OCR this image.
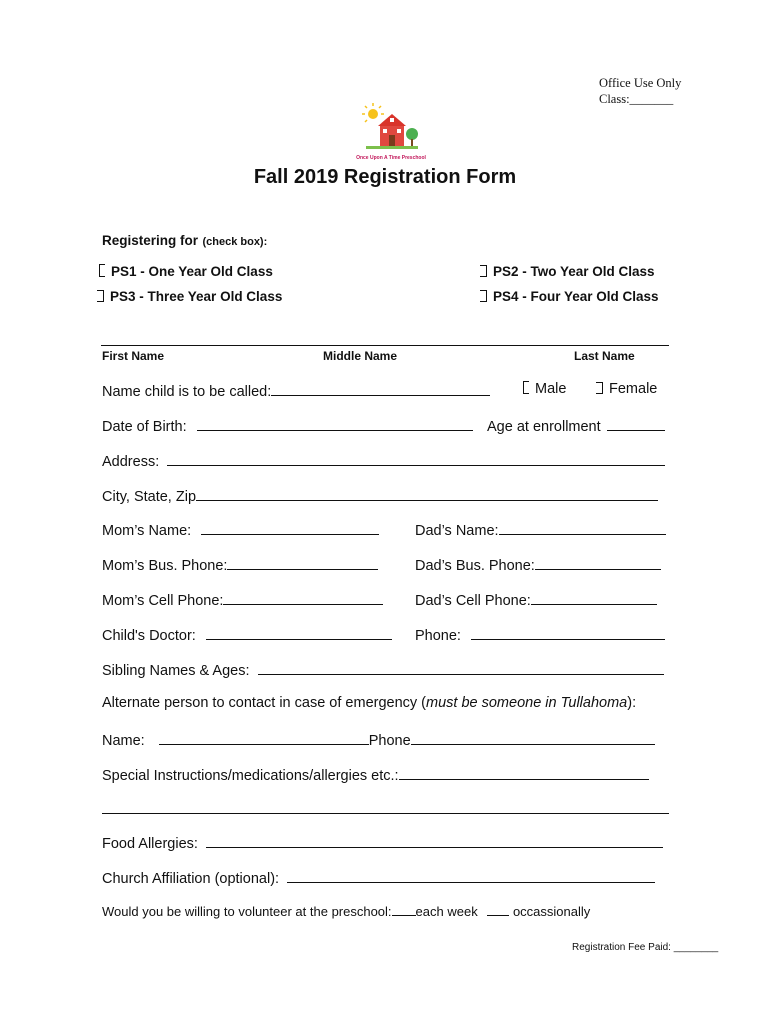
Office Use Only
Class:_______
Once Upon A Time Preschool
Fall 2019 Registration Form
Registering for (check box):
PS1 - One Year Old Class	PS2 - Two Year Old Class
PS3 - Three Year Old Class	PS4 - Four Year Old Class
First Name	Middle Name	Last Name
Name child is to be called:	Male	Female
Date of Birth:	Age at enrollment
Address:
City, State, Zip
Mom’s Name:	Dad’s Name:
Mom’s Bus. Phone:	Dad’s Bus. Phone:
Mom’s Cell Phone:	Dad’s Cell Phone:
Child's Doctor:	Phone:
Sibling Names & Ages:
Alternate person to contact in case of emergency (must be someone in Tullahoma):
Name:	Phone
Special Instructions/medications/allergies etc.:
Food Allergies:
Church Affiliation (optional):
Would you be willing to volunteer at the preschool: each week	occassionally
Registration Fee Paid: ________
